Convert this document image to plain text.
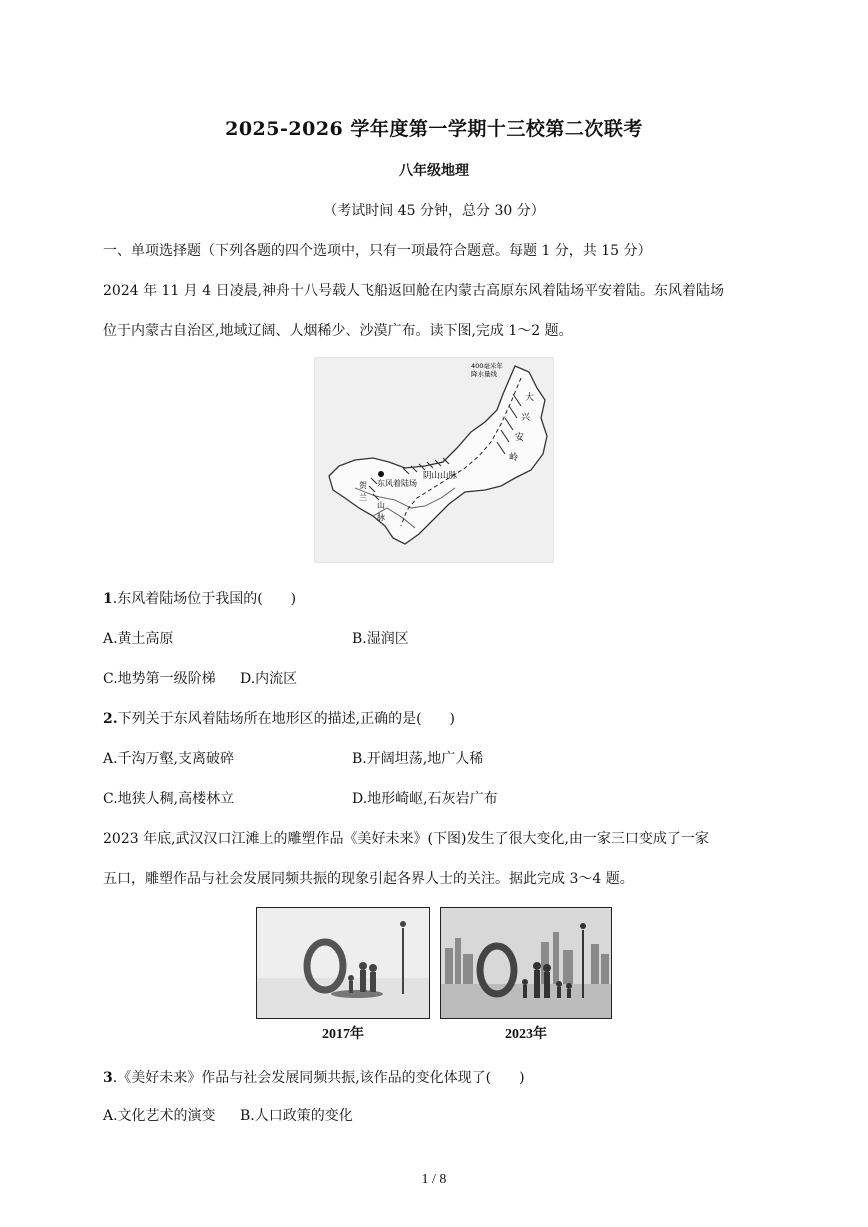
2025-2026 学年度第一学期十三校第二次联考
八年级地理
（考试时间 45 分钟，总分 30 分）
一、单项选择题（下列各题的四个选项中，只有一项最符合题意。每题 1 分，共 15 分）
2024 年 11 月 4 日凌晨,神舟十八号载人飞船返回舱在内蒙古高原东风着陆场平安着陆。东风着陆场
位于内蒙古自治区,地域辽阔、人烟稀少、沙漠广布。读下图,完成 1～2 题。
400毫米年
降水量线
大
兴
安
岭
阴山山脉
东风着陆场
贺
兰
山
脉
1.东风着陆场位于我国的(　　)
A.黄土高原	B.湿润区
C.地势第一级阶梯 D.内流区
2.下列关于东风着陆场所在地形区的描述,正确的是(　　)
A.千沟万壑,支离破碎	B.开阔坦荡,地广人稀
C.地狭人稠,高楼林立	D.地形崎岖,石灰岩广布
2023 年底,武汉汉口江滩上的雕塑作品《美好未来》(下图)发生了很大变化,由一家三口变成了一家
五口，雕塑作品与社会发展同频共振的现象引起各界人士的关注。据此完成 3～4 题。
2017年	2023年
3.《美好未来》作品与社会发展同频共振,该作品的变化体现了(　　)
A.文化艺术的演变 B.人口政策的变化
1 / 8
